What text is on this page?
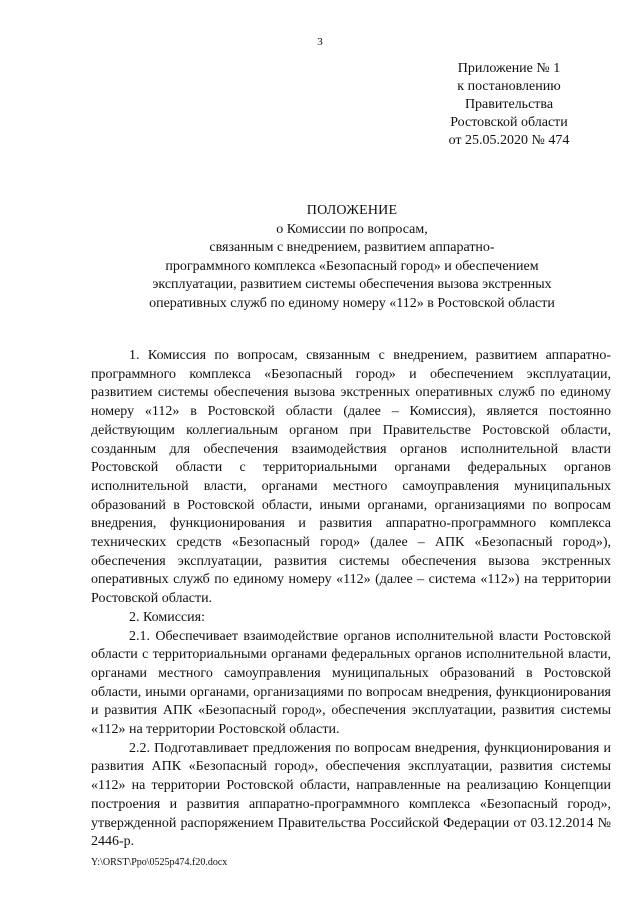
3
Приложение № 1
к постановлению
Правительства
Ростовской области
от 25.05.2020 № 474
ПОЛОЖЕНИЕ
о Комиссии по вопросам,
связанным с внедрением, развитием аппаратно-
программного комплекса «Безопасный город» и обеспечением
эксплуатации, развитием системы обеспечения вызова экстренных
оперативных служб по единому номеру «112» в Ростовской области

1. Комиссия по вопросам, связанным с внедрением, развитием аппаратно-программного комплекса «Безопасный город» и обеспечением эксплуатации, развитием системы обеспечения вызова экстренных оперативных служб по единому номеру «112» в Ростовской области (далее – Комиссия), является постоянно действующим коллегиальным органом при Правительстве Ростовской области, созданным для обеспечения взаимодействия органов исполнительной власти Ростовской области с территориальными органами федеральных органов исполнительной власти, органами местного самоуправления муниципальных образований в Ростовской области, иными органами, организациями по вопросам внедрения, функционирования и развития аппаратно-программного комплекса технических средств «Безопасный город» (далее – АПК «Безопасный город»), обеспечения эксплуатации, развития системы обеспечения вызова экстренных оперативных служб по единому номеру «112» (далее – система «112») на территории Ростовской области.

2. Комиссия:

2.1. Обеспечивает взаимодействие органов исполнительной власти Ростовской области с территориальными органами федеральных органов исполнительной власти, органами местного самоуправления муниципальных образований в Ростовской области, иными органами, организациями по вопросам внедрения, функционирования и развития АПК «Безопасный город», обеспечения эксплуатации, развития системы «112» на территории Ростовской области.

2.2. Подготавливает предложения по вопросам внедрения, функционирования и развития АПК «Безопасный город», обеспечения эксплуатации, развития системы «112» на территории Ростовской области, направленные на реализацию Концепции построения и развития аппаратно-программного комплекса «Безопасный город», утвержденной распоряжением Правительства Российской Федерации от 03.12.2014 № 2446-р.

Y:\ORST\Ppo\0525p474.f20.docx
